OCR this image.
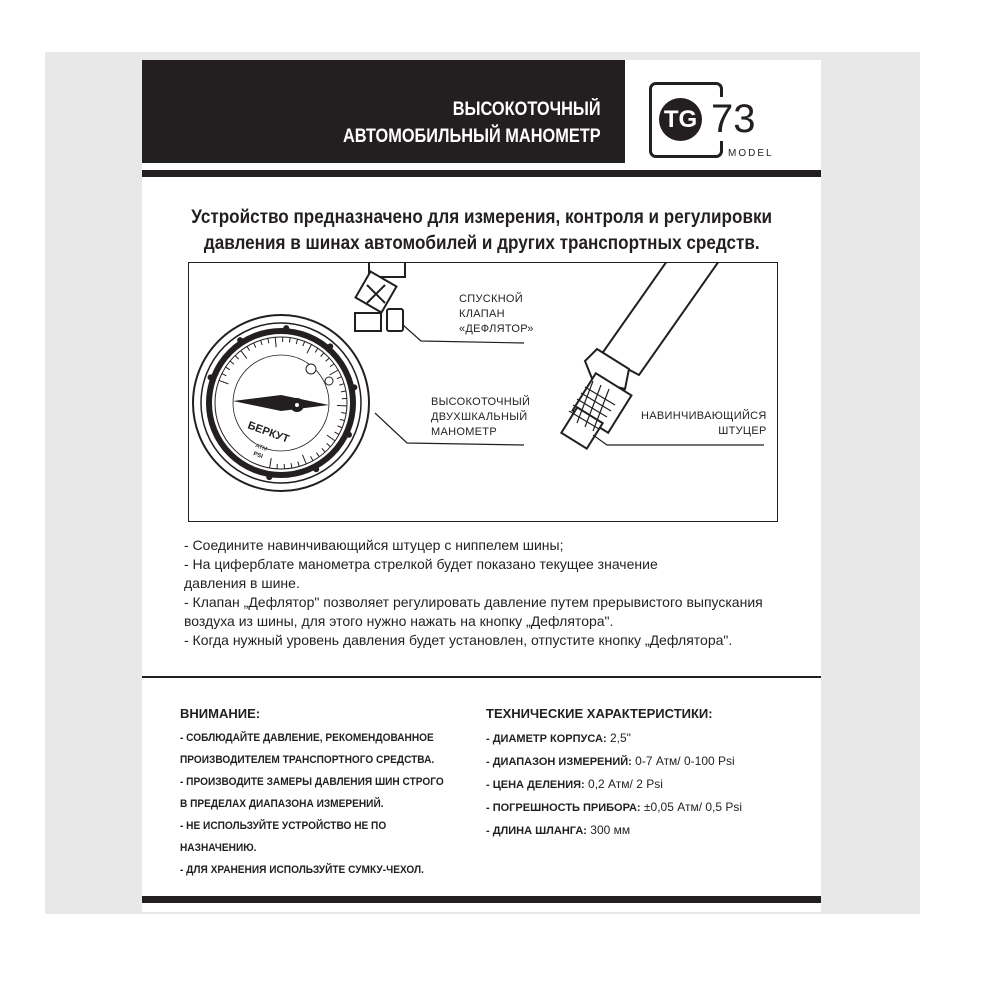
ВЫСОКОТОЧНЫЙ
АВТОМОБИЛЬНЫЙ МАНОМЕТР
TG 73
MODEL
Устройство предназначено для измерения, контроля и регулировки
давления в шинах автомобилей и других транспортных средств.
БЕРКУТ
ATM
PSI
СПУСКНОЙ
КЛАПАН
«ДЕФЛЯТОР»
ВЫСОКОТОЧНЫЙ
ДВУХШКАЛЬНЫЙ
МАНОМЕТР
НАВИНЧИВАЮЩИЙСЯ
ШТУЦЕР

- Соедините навинчивающийся штуцер с ниппелем шины;

- На циферблате манометра стрелкой будет показано текущее значение
давления в шине.

- Клапан „Дефлятор" позволяет регулировать давление путем прерывистого выпускания
воздуха из шины, для этого нужно нажать на кнопку „Дефлятора".

- Когда нужный уровень давления будет установлен, отпустите кнопку „Дефлятора".

ВНИМАНИЕ:

- СОБЛЮДАЙТЕ ДАВЛЕНИЕ, РЕКОМЕНДОВАННОЕ
ПРОИЗВОДИТЕЛЕМ ТРАНСПОРТНОГО СРЕДСТВА.

- ПРОИЗВОДИТЕ ЗАМЕРЫ ДАВЛЕНИЯ ШИН СТРОГО
В ПРЕДЕЛАХ ДИАПАЗОНА ИЗМЕРЕНИЙ.

- НЕ ИСПОЛЬЗУЙТЕ УСТРОЙСТВО НЕ ПО НАЗНАЧЕНИЮ.

- ДЛЯ ХРАНЕНИЯ ИСПОЛЬЗУЙТЕ СУМКУ-ЧЕХОЛ.

ТЕХНИЧЕСКИЕ ХАРАКТЕРИСТИКИ:
- ДИАМЕТР КОРПУСА: 2,5"
- ДИАПАЗОН ИЗМЕРЕНИЙ: 0-7 Атм/ 0-100 Psi
- ЦЕНА ДЕЛЕНИЯ: 0,2 Атм/ 2 Psi
- ПОГРЕШНОСТЬ ПРИБОРА: ±0,05 Атм/ 0,5 Psi
- ДЛИНА ШЛАНГА: 300 мм
